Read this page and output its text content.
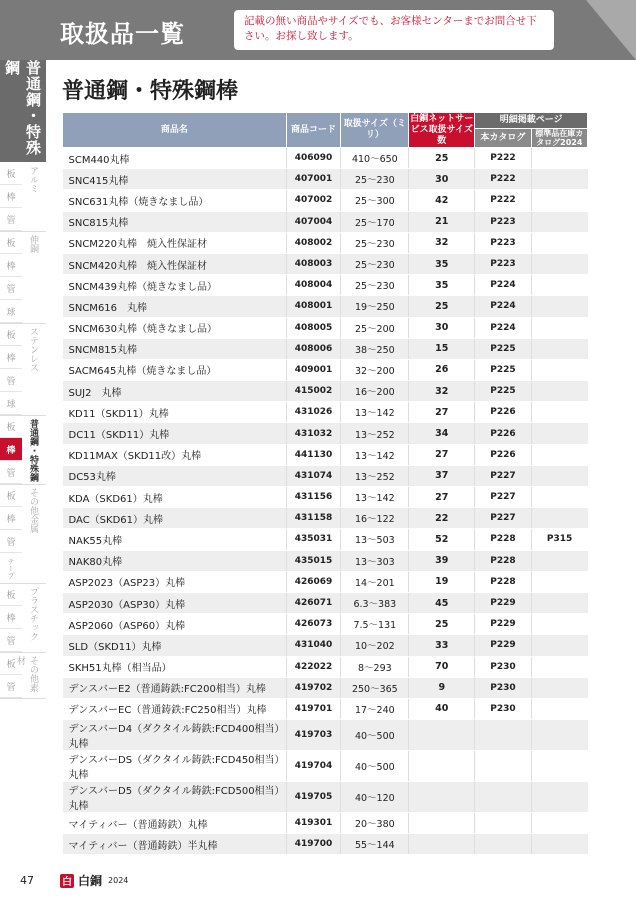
取扱品一覧	記載の無い商品やサイズでも、お客様センターまでお問合せ下さい。お探し致します。
普通鋼・特殊鋼
板
棒
管
アルミ
板
棒
管
球
伸銅
板
棒
管
球
ステンレス
板
棒
管	普通鋼・特殊鋼
板
棒
管
テープ
その他金属
板
棒
管
プラスチック
板
管	その他素材
普通鋼・特殊鋼棒
商品名	商品コード	取扱サイズ（ミリ）	白銅ネットサービス取扱サイズ数	明細掲載ページ	
				本カタログ	標準品在庫カタログ2024
SCM440丸棒	406090	410～650	25	P222	
SNC415丸棒	407001	25～230	30	P222	
SNC631丸棒（焼きなまし品）	407002	25～300	42	P222	
SNC815丸棒	407004	25～170	21	P223	
SNCM220丸棒　焼入性保証材	408002	25～230	32	P223	
SNCM420丸棒　焼入性保証材	408003	25～230	35	P223	
SNCM439丸棒（焼きなまし品）	408004	25～230	35	P224	
SNCM616　丸棒	408001	19～250	25	P224	
SNCM630丸棒（焼きなまし品）	408005	25～200	30	P224	
SNCM815丸棒	408006	38～250	15	P225	
SACM645丸棒（焼きなまし品）	409001	32～200	26	P225	
SUJ2　丸棒	415002	16～200	32	P225	
KD11（SKD11）丸棒	431026	13～142	27	P226	
DC11（SKD11）丸棒	431032	13～252	34	P226	
KD11MAX（SKD11改）丸棒	441130	13～142	27	P226	
DC53丸棒	431074	13～252	37	P227	
KDA（SKD61）丸棒	431156	13～142	27	P227	
DAC（SKD61）丸棒	431158	16～122	22	P227	
NAK55丸棒	435031	13～503	52	P228	P315
NAK80丸棒	435015	13～303	39	P228	
ASP2023（ASP23）丸棒	426069	14～201	19	P228	
ASP2030（ASP30）丸棒	426071	6.3～383	45	P229	
ASP2060（ASP60）丸棒	426073	7.5～131	25	P229	
SLD（SKD11）丸棒	431040	10～202	33	P229	
SKH51丸棒（相当品）	422022	8～293	70	P230	
デンスバーE2（普通鋳鉄:FC200相当）丸棒	419702	250～365	9	P230	
デンスバーEC（普通鋳鉄:FC250相当）丸棒	419701	17～240	40	P230	
デンスバーD4（ダクタイル鋳鉄:FCD400相当）丸棒	419703	40～500			
デンスバーDS（ダクタイル鋳鉄:FCD450相当）丸棒	419704	40～500			
デンスバーD5（ダクタイル鋳鉄:FCD500相当）丸棒	419705	40～120			
マイティバー（普通鋳鉄）丸棒	419301	20～380			
マイティバー（普通鋳鉄）半丸棒	419700	55～144			
47	白 白銅 2024
